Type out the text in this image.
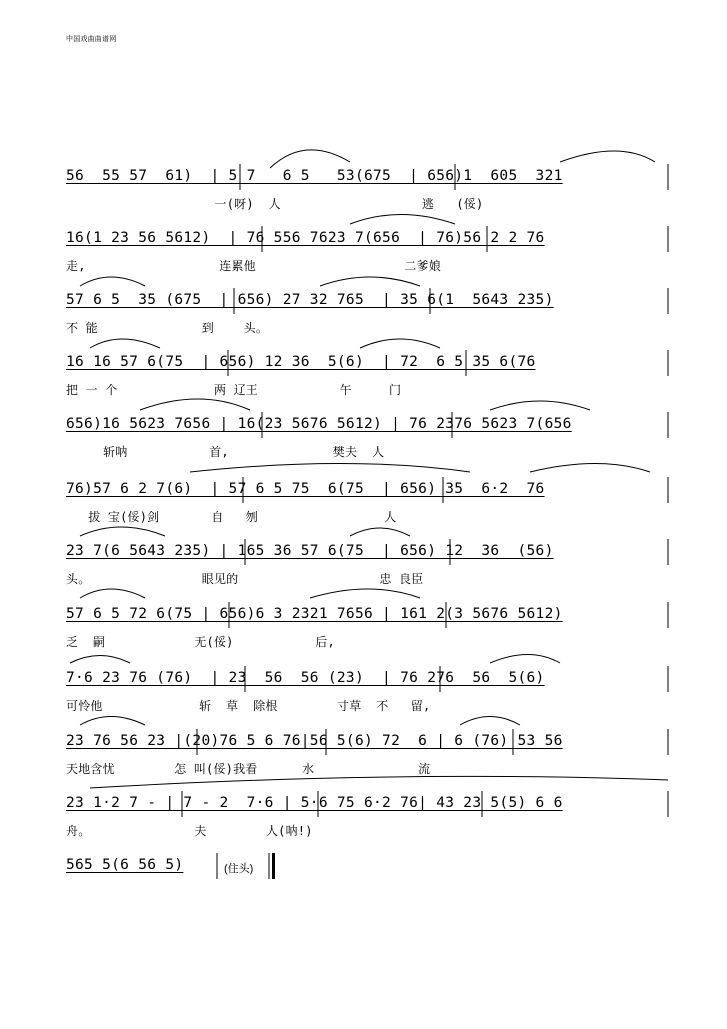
中国戏曲曲谱网
56  55 57  61)  | 5 7   6 5   53(675  | 656)1  605  321
一(呀)  人                   逃   (俀)
16(1 23 56 5612)  | 76 556 7623 7(656  | 76)56 2 2 76
走,                  连累他                    二爹娘
57 6 5  35 (675  | 656) 27 32 765  | 35 6(1  5643 235)
不 能              到    头。
16 16 57 6(75  | 656) 12 36  5(6)  | 72  6 5 35 6(76
把 一 个             两 辽王           午     门
656)16 5623 7656 | 16(23 5676 5612) | 76 2376 5623 7(656
斩呐           首,              樊夫  人
76)57 6 2 7(6)  | 57 6 5 75  6(75  | 656) 35  6·2  76
拔 宝(俀)剑       自   刎                 人
23 7(6 5643 235) | 165 36 57 6(75  | 656) 12  36  (56)
头。               眼见的                   忠 良臣
57 6 5 72 6(75 | 656)6 3 2321 7656 | 161 2(3 5676 5612)
乏  嗣            无(俀)           后,
7·6 23 76 (76)  | 23  56  56 (23)  | 76 276  56  5(6)
可怜他             斩  草  除根        寸草  不   留,
23 76 56 23 |(20)76 5 6 76|56 5(6) 72  6 | 6 (76) 53 56
天地含忧        怎 叫(俀)我看      水              流
23 1·2 7 - | 7 - 2  7·6 | 5·6 75 6·2 76| 43 23 5(5) 6 6
舟。              夫        人(呐!)
565 5(6 56 5)	(住头)
